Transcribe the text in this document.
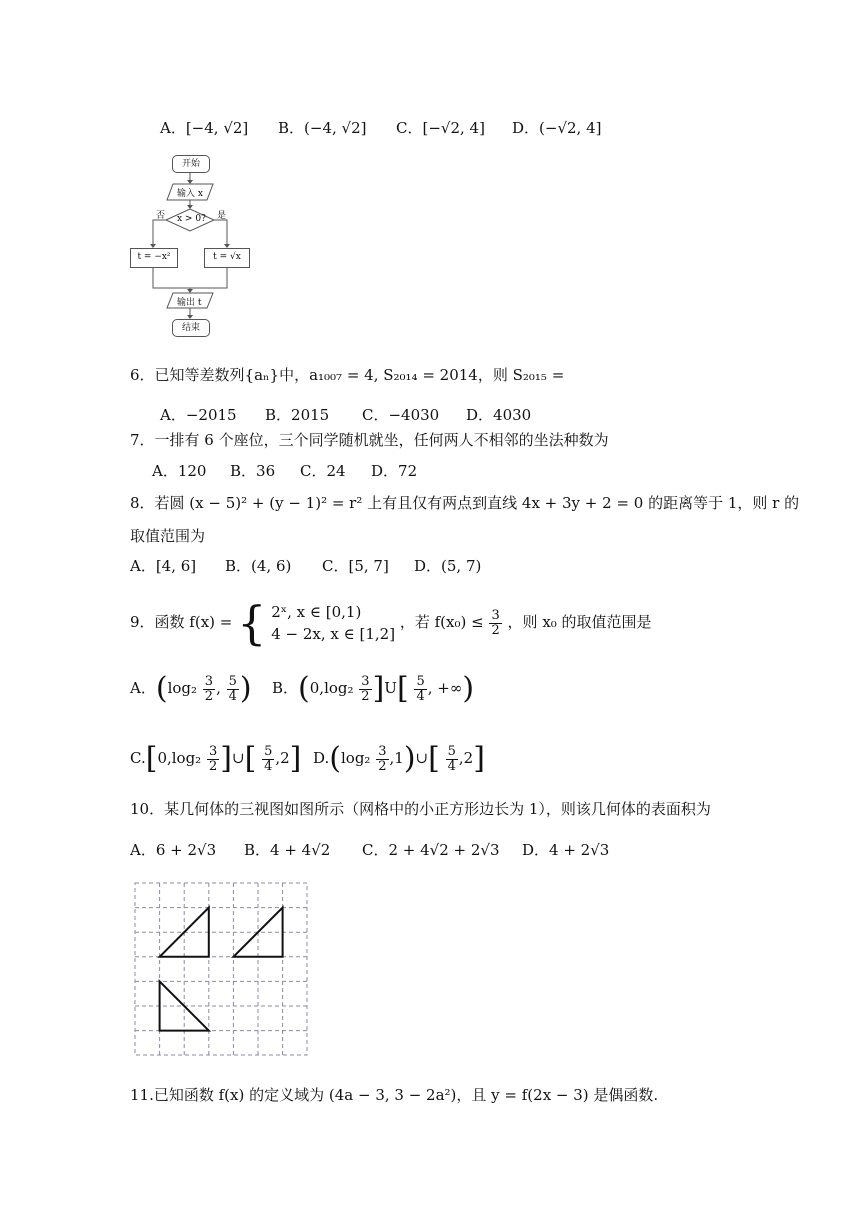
A．[−4, √2] B．(−4, √2] C．[−√2, 4] D．(−√2, 4]
开始
输入 x
x > 0?
否	是
t = −x²	t = √x
输出 t
结束
6．已知等差数列{aₙ}中，a₁₀₀₇ = 4, S₂₀₁₄ = 2014，则 S₂₀₁₅ =
A．−2015 B．2015 C．−4030 D．4030
7．一排有 6 个座位，三个同学随机就坐，任何两人不相邻的坐法种数为
A．120 B．36 C．24 D．72
8．若圆 (x − 5)² + (y − 1)² = r² 上有且仅有两点到直线 4x + 3y + 2 = 0 的距离等于 1，则 r 的
取值范围为
A．[4, 6] B．(4, 6) C．[5, 7] D．(5, 7)
9．函数 f(x) = { 2ˣ, x ∈ [0,1)
4 − 2x, x ∈ [1,2]
，若 $f(x_0) \le \frac{3}{2}$ ，则 x₀ 的取值范围是
A．($\log_2 \frac{3}{2}$ , $\frac{5}{4}$ ) B．$(0,\log_2 \frac{3}{2} ]U[ \frac{5}{4}$ , +∞)
$C.[0,\log_2 \frac{3}{2}$ ]∪[ $\frac{5}{4} ,2$] $D.(\log_2 \frac{3}{2}$ ,1)∪[ $\frac{5}{4} ,2$]
10．某几何体的三视图如图所示（网格中的小正方形边长为 1），则该几何体的表面积为
A．6 + 2√3 B．4 + 4√2 C．2 + 4√2 + 2√3 D．4 + 2√3
11.已知函数 f(x) 的定义域为 (4a − 3, 3 − 2a²)，且 y = f(2x − 3) 是偶函数.
